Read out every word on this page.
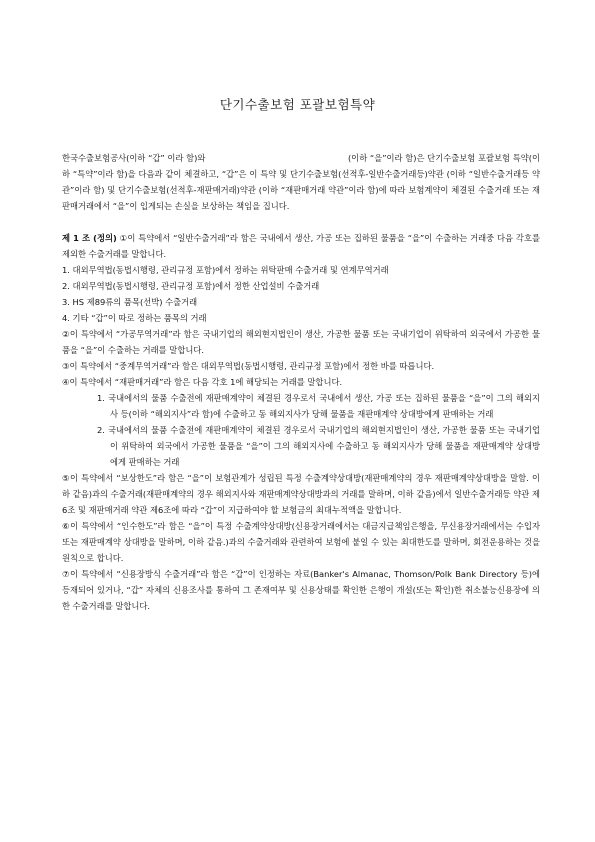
단기수출보험 포괄보험특약

한국수출보험공사(이하 “갑” 이라 함)와                                                     (이하 “을”이라 함)은 단기수출보험 포괄보험 특약(이하 “특약”이라 함)을 다음과 같이 체결하고, “갑”은 이 특약 및 단기수출보험(선적후-일반수출거래등)약관 (이하 “일반수출거래등 약관”이라 함) 및 단기수출보험(선적후-재판매거래)약관 (이하 “재판매거래 약관”이라 함)에 따라 보험계약이 체결된 수출거래 또는 재판매거래에서 “을”이 입게되는 손실을 보상하는 책임을 집니다.

제 1 조 (정의) ①이 특약에서 “일반수출거래”라 함은 국내에서 생산, 가공 또는 집하된 물품을 “을”이 수출하는 거래중 다음 각호를 제외한 수출거래를 말합니다.

1. 대외무역법(동법시행령, 관리규정 포함)에서 정하는 위탁판매 수출거래 및 연계무역거래

2. 대외무역법(동법시행령, 관리규정 포함)에서 정한 산업설비 수출거래

3. HS 제89류의 품목(선박) 수출거래

4. 기타 “갑”이 따로 정하는 품목의 거래

②이 특약에서 “가공무역거래”라 함은 국내기업의 해외현지법인이 생산, 가공한 물품 또는 국내기업이 위탁하여 외국에서 가공한 물품을 “을”이 수출하는 거래를 말합니다.

③이 특약에서 “중계무역거래”라 함은 대외무역법(동법시행령, 관리규정 포함)에서 정한 바를 따릅니다.

④이 특약에서 “재판매거래”라 함은 다음 각호 1에 해당되는 거래를 말합니다.

1. 국내에서의 물품 수출전에 재판매계약이 체결된 경우로서 국내에서 생산, 가공 또는 집하된 물품을 “을”이 그의 해외지사 등(이하 “해외지사”라 함)에 수출하고 동 해외지사가 당해 물품을 재판매계약 상대방에게 판매하는 거래

2. 국내에서의 물품 수출전에 재판매계약이 체결된 경우로서 국내기업의 해외현지법인이 생산, 가공한 물품 또는 국내기업이 위탁하여 외국에서 가공한 물품을 “을”이 그의 해외지사에 수출하고 동 해외지사가 당해 물품을 재판매계약 상대방에게 판매하는 거래

⑤이 특약에서 “보상한도”라 함은 “을”이 보험관계가 성립된 특정 수출계약상대방(재판매계약의 경우 재판매계약상대방을 말함. 이하 같음)과의 수출거래(재판매계약의 경우 해외지사와 재판매계약상대방과의 거래를 말하며, 이하 같음)에서 일반수출거래등 약관 제6조 및 재판매거래 약관 제6조에 따라 “갑”이 지급하여야 할 보험금의 최대누적액을 말합니다.

⑥이 특약에서 “인수한도”라 함은 “을”이 특정 수출계약상대방(신용장거래에서는 대금지급책임은행을, 무신용장거래에서는 수입자 또는 재판매계약 상대방을 말하며, 이하 같음.)과의 수출거래와 관련하여 보험에 붙일 수 있는 최대한도를 말하며, 회전운용하는 것을 원칙으로 합니다.

⑦이 특약에서 “신용장방식 수출거래”라 함은 “갑”이 인정하는 자료(Banker's Almanac, Thomson/Polk Bank Directory 등)에 등재되어 있거나, “갑” 자체의 신용조사를 통하여 그 존재여부 및 신용상태를 확인한 은행이 개설(또는 확인)한 취소불능신용장에 의한 수출거래를 말합니다.
